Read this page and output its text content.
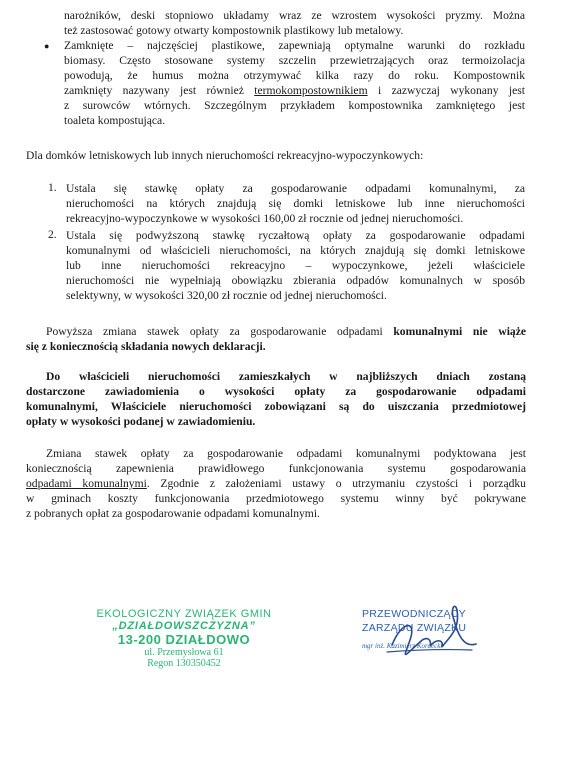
narożników, deski stopniowo układamy wraz ze wzrostem wysokości pryzmy. Można
też zastosować gotowy otwarty kompostownik plastikowy lub metalowy.
● Zamknięte – najczęściej plastikowe, zapewniają optymalne warunki do rozkładu
biomasy. Często stosowane systemy szczelin przewietrzających oraz termoizolacja
powodują, że humus można otrzymywać kilka razy do roku. Kompostownik
zamknięty nazywany jest również termokompostownikiem i zazwyczaj wykonany jest
z surowców wtórnych. Szczególnym przykładem kompostownika zamkniętego jest
toaleta kompostująca.
Dla domków letniskowych lub innych nieruchomości rekreacyjno-wypoczynkowych:
1. Ustala się stawkę opłaty za gospodarowanie odpadami komunalnymi, za
nieruchomości na których znajdują się domki letniskowe lub inne nieruchomości
rekreacyjno-wypoczynkowe w wysokości 160,00 zł rocznie od jednej nieruchomości.
2. Ustala się podwyższoną stawkę ryczałtową opłaty za gospodarowanie odpadami
komunalnymi od właścicieli nieruchomości, na których znajdują się domki letniskowe
lub inne nieruchomości rekreacyjno – wypoczynkowe, jeżeli właściciele
nieruchomości nie wypełniają obowiązku zbierania odpadów komunalnych w sposób
selektywny, w wysokości 320,00 zł rocznie od jednej nieruchomości.
Powyższa zmiana stawek opłaty za gospodarowanie odpadami komunalnymi nie wiąże
się z koniecznością składania nowych deklaracji.
Do właścicieli nieruchomości zamieszkałych w najbliższych dniach zostaną
dostarczone zawiadomienia o wysokości opłaty za gospodarowanie odpadami
komunalnymi, Właściciele nieruchomości zobowiązani są do uiszczania przedmiotowej
opłaty w wysokości podanej w zawiadomieniu.
Zmiana stawek opłaty za gospodarowanie odpadami komunalnymi podyktowana jest
koniecznością zapewnienia prawidłowego funkcjonowania systemu gospodarowania
odpadami komunalnymi. Zgodnie z założeniami ustawy o utrzymaniu czystości i porządku
w gminach koszty funkcjonowania przedmiotowego systemu winny być pokrywane
z pobranych opłat za gospodarowanie odpadami komunalnymi.
EKOLOGICZNY ZWIĄZEK GMIN
„DZIAŁDOWSZCZYZNA”
13-200 DZIAŁDOWO
ul. Przemysłowa 61
Regon 130350452
PRZEWODNICZĄCY
ZARZĄDU ZWIĄZKU
mgr inż. Kazimierz Kordecki
